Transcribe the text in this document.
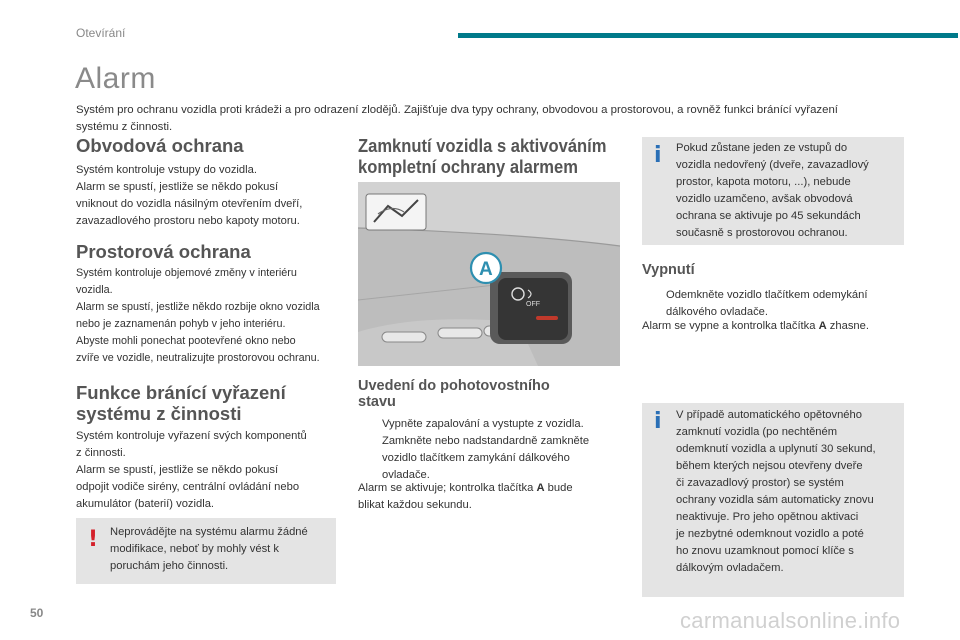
Otevírání
Alarm
Systém pro ochranu vozidla proti krádeži a pro odrazení zlodějů. Zajišťuje dva typy ochrany, obvodovou a prostorovou, a rovněž funkci bránící vyřazení
systému z činnosti.
Obvodová ochrana
Systém kontroluje vstupy do vozidla.
Alarm se spustí, jestliže se někdo pokusí
vniknout do vozidla násilným otevřením dveří,
zavazadlového prostoru nebo kapoty motoru.
Prostorová ochrana
Systém kontroluje objemové změny v interiéru
vozidla.
Alarm se spustí, jestliže někdo rozbije okno vozidla
nebo je zaznamenán pohyb v jeho interiéru.
Abyste mohli ponechat pootevřené okno nebo
zvíře ve vozidle, neutralizujte prostorovou ochranu.
Funkce bránící vyřazení
systému z činnosti
Systém kontroluje vyřazení svých komponentů
z činnosti.
Alarm se spustí, jestliže se někdo pokusí
odpojit vodiče sirény, centrální ovládání nebo
akumulátor (baterií) vozidla.
! Neprovádějte na systému alarmu žádné
modifikace, neboť by mohly vést k
poruchám jeho činnosti.
Zamknutí vozidla s aktivováním
kompletní ochrany alarmem
OFF
A
Uvedení do pohotovostního
stavu
Vypněte zapalování a vystupte z vozidla.
Zamkněte nebo nadstandardně zamkněte
vozidlo tlačítkem zamykání dálkového
ovladače.
Alarm se aktivuje; kontrolka tlačítka A bude
blikat každou sekundu.
i Pokud zůstane jeden ze vstupů do
vozidla nedovřený (dveře, zavazadlový
prostor, kapota motoru, ...), nebude
vozidlo uzamčeno, avšak obvodová
ochrana se aktivuje po 45 sekundách
současně s prostorovou ochranou.
Vypnutí
Odemkněte vozidlo tlačítkem odemykání
dálkového ovladače.
Alarm se vypne a kontrolka tlačítka A zhasne.
i V případě automatického opětovného
zamknutí vozidla (po nechtěném
odemknutí vozidla a uplynutí 30 sekund,
během kterých nejsou otevřeny dveře
či zavazadlový prostor) se systém
ochrany vozidla sám automaticky znovu
neaktivuje. Pro jeho opětnou aktivaci
je nezbytné odemknout vozidlo a poté
ho znovu uzamknout pomocí klíče s
dálkovým ovladačem.
50	carmanualsonline.info
